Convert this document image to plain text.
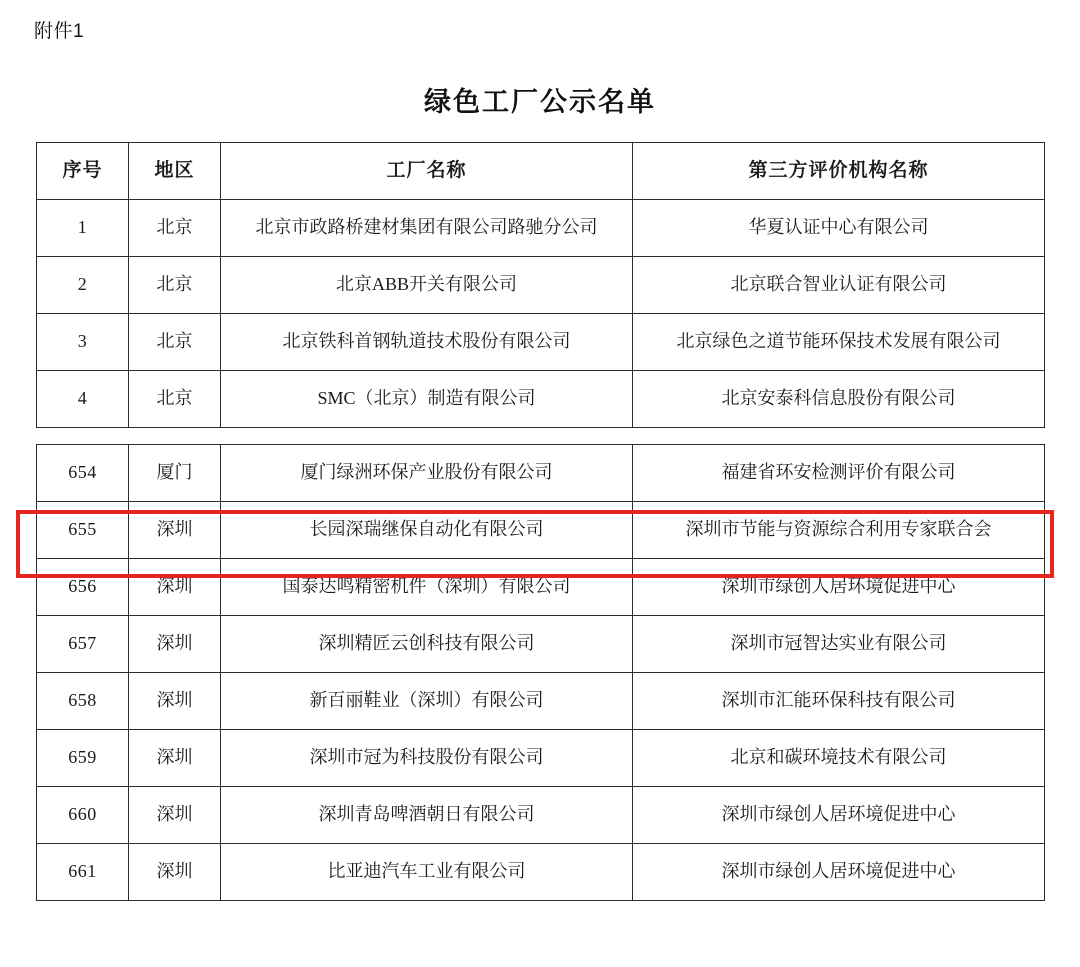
附件1
绿色工厂公示名单
序号	地区	工厂名称	第三方评价机构名称
1	北京	北京市政路桥建材集团有限公司路驰分公司	华夏认证中心有限公司
2	北京	北京ABB开关有限公司	北京联合智业认证有限公司
3	北京	北京铁科首钢轨道技术股份有限公司	北京绿色之道节能环保技术发展有限公司
4	北京	SMC（北京）制造有限公司	北京安泰科信息股份有限公司

654	厦门	厦门绿洲环保产业股份有限公司	福建省环安检测评价有限公司
655	深圳	长园深瑞继保自动化有限公司	深圳市节能与资源综合利用专家联合会
656	深圳	国泰达鸣精密机件（深圳）有限公司	深圳市绿创人居环境促进中心
657	深圳	深圳精匠云创科技有限公司	深圳市冠智达实业有限公司
658	深圳	新百丽鞋业（深圳）有限公司	深圳市汇能环保科技有限公司
659	深圳	深圳市冠为科技股份有限公司	北京和碳环境技术有限公司
660	深圳	深圳青岛啤酒朝日有限公司	深圳市绿创人居环境促进中心
661	深圳	比亚迪汽车工业有限公司	深圳市绿创人居环境促进中心
